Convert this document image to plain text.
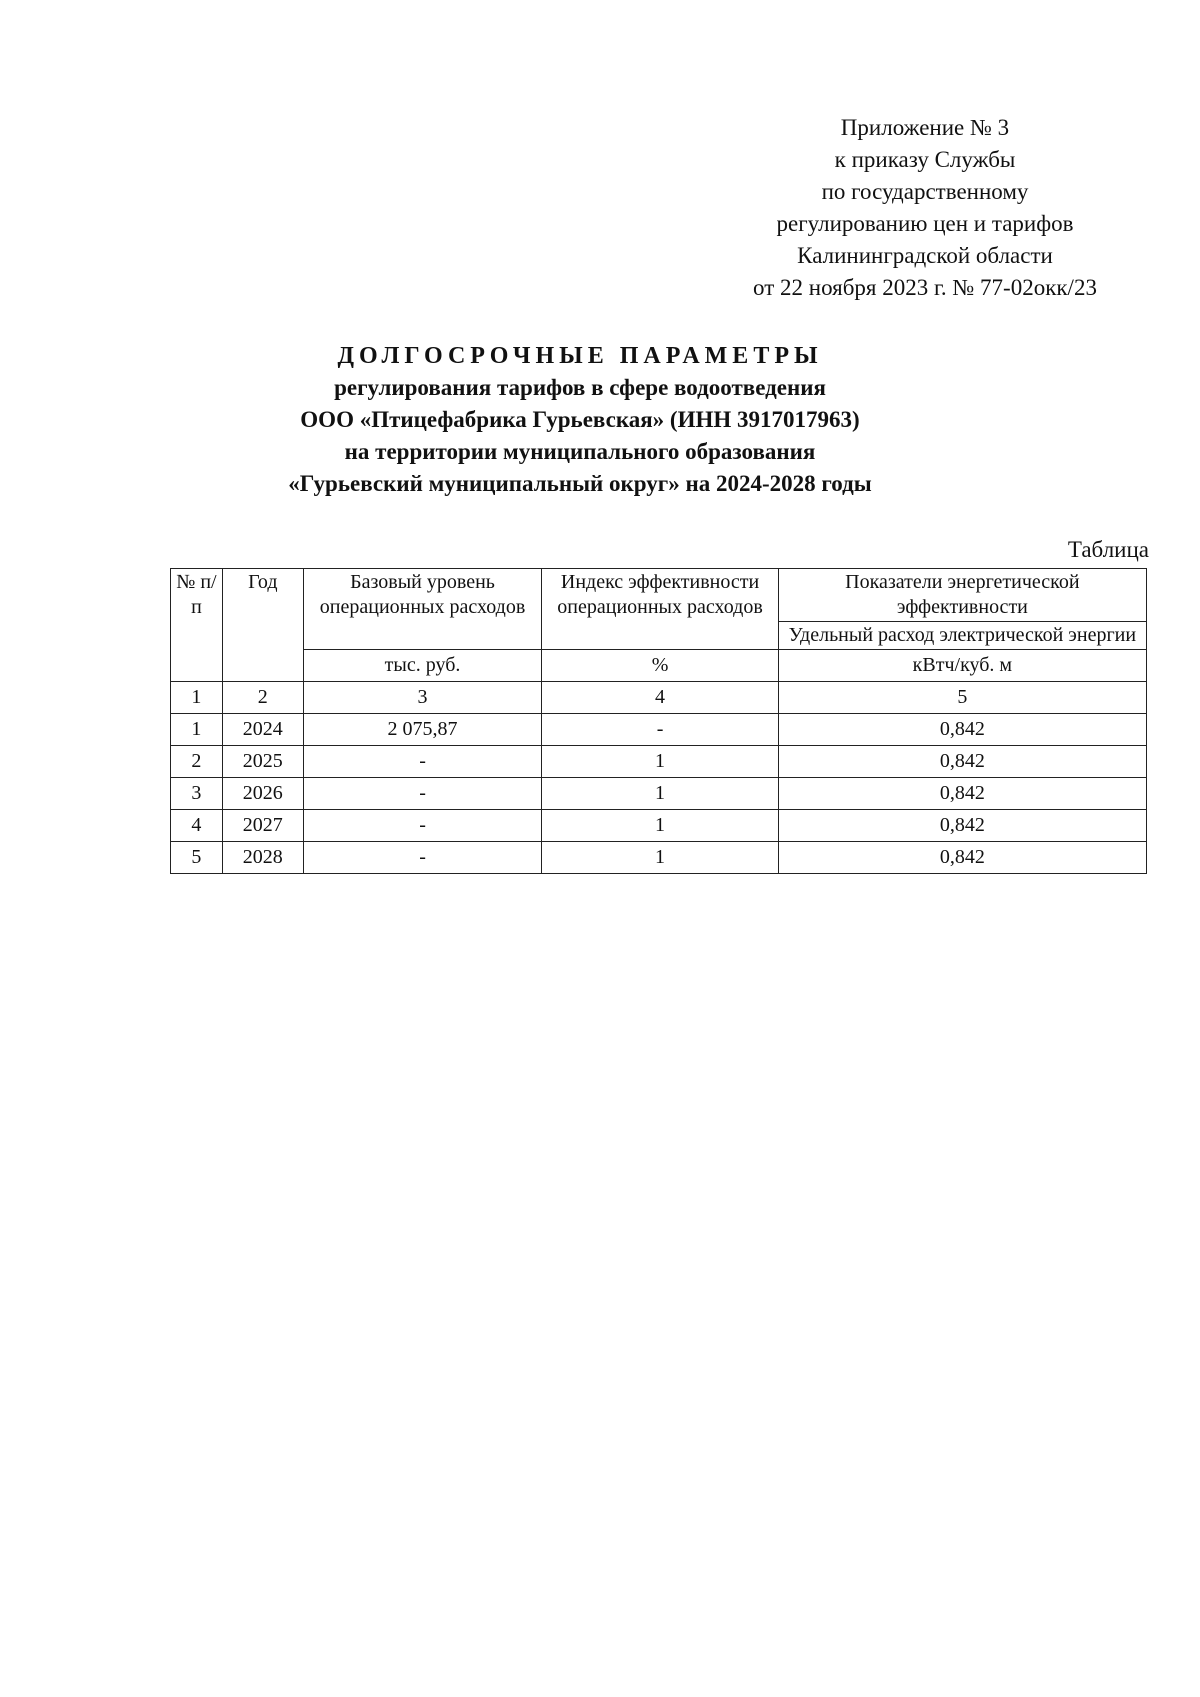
Приложение № 3
к приказу Службы
по государственному
регулированию цен и тарифов
Калининградской области
от 22 ноября 2023 г. № 77-02окк/23
ДОЛГОСРОЧНЫЕ ПАРАМЕТРЫ
регулирования тарифов в сфере водоотведения
ООО «Птицефабрика Гурьевская» (ИНН 3917017963)
на территории муниципального образования
«Гурьевский муниципальный округ» на 2024-2028 годы
Таблица
№ п/п	Год	Базовый уровень операционных расходов	Индекс эффективности операционных расходов	Показатели энергетической эффективности
				Удельный расход электрической энергии
		тыс. руб.	%	кВтч/куб. м
1	2	3	4	5
1	2024	2 075,87	-	0,842
2	2025	-	1	0,842
3	2026	-	1	0,842
4	2027	-	1	0,842
5	2028	-	1	0,842
